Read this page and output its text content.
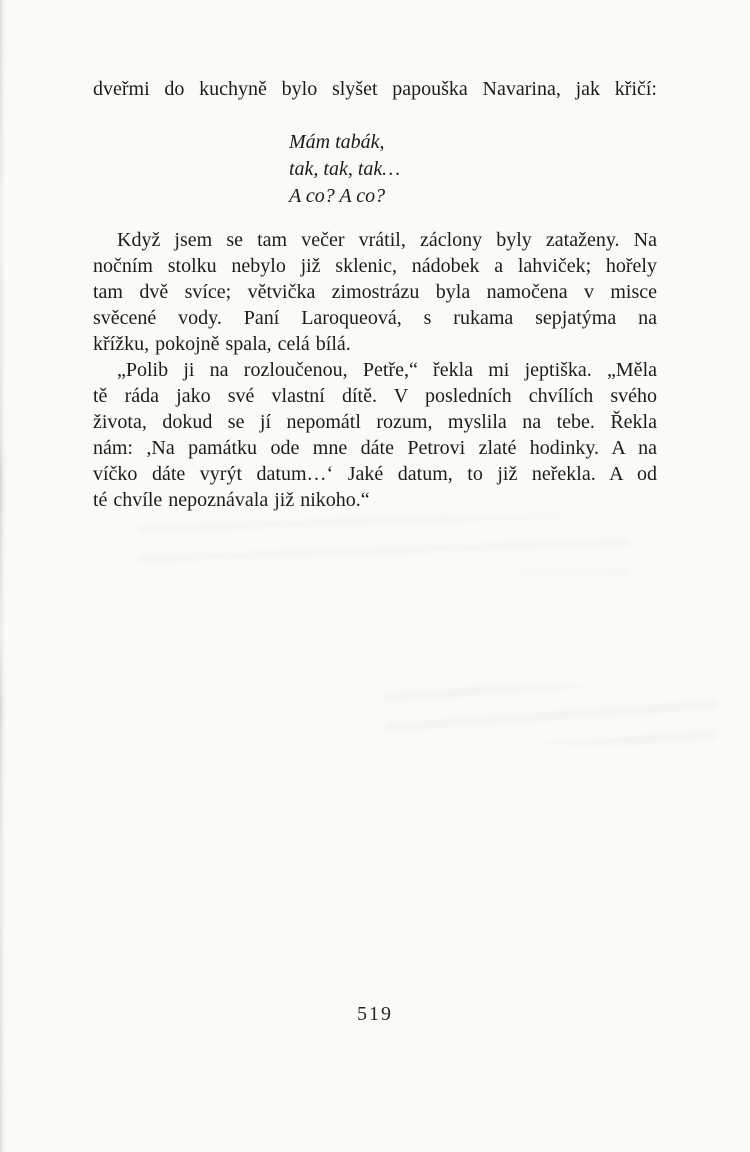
dveřmi do kuchyně bylo slyšet papouška Navarina, jak křičí:
Mám tabák,
tak, tak, tak…
A co? A co?
Když jsem se tam večer vrátil, záclony byly zataženy. Na
nočním stolku nebylo již sklenic, nádobek a lahviček; hořely
tam dvě svíce; větvička zimostrázu byla namočena v misce
svěcené vody. Paní Laroqueová, s rukama sepjatýma na
křížku, pokojně spala, celá bílá.
„Polib ji na rozloučenou, Petře,“ řekla mi jeptiška. „Měla
tě ráda jako své vlastní dítě. V posledních chvílích svého
života, dokud se jí nepomátl rozum, myslila na tebe. Řekla
nám: ,Na památku ode mne dáte Petrovi zlaté hodinky. A na
víčko dáte vyrýt datum…‘ Jaké datum, to již neřekla. A od
té chvíle nepoznávala již nikoho.“
519
